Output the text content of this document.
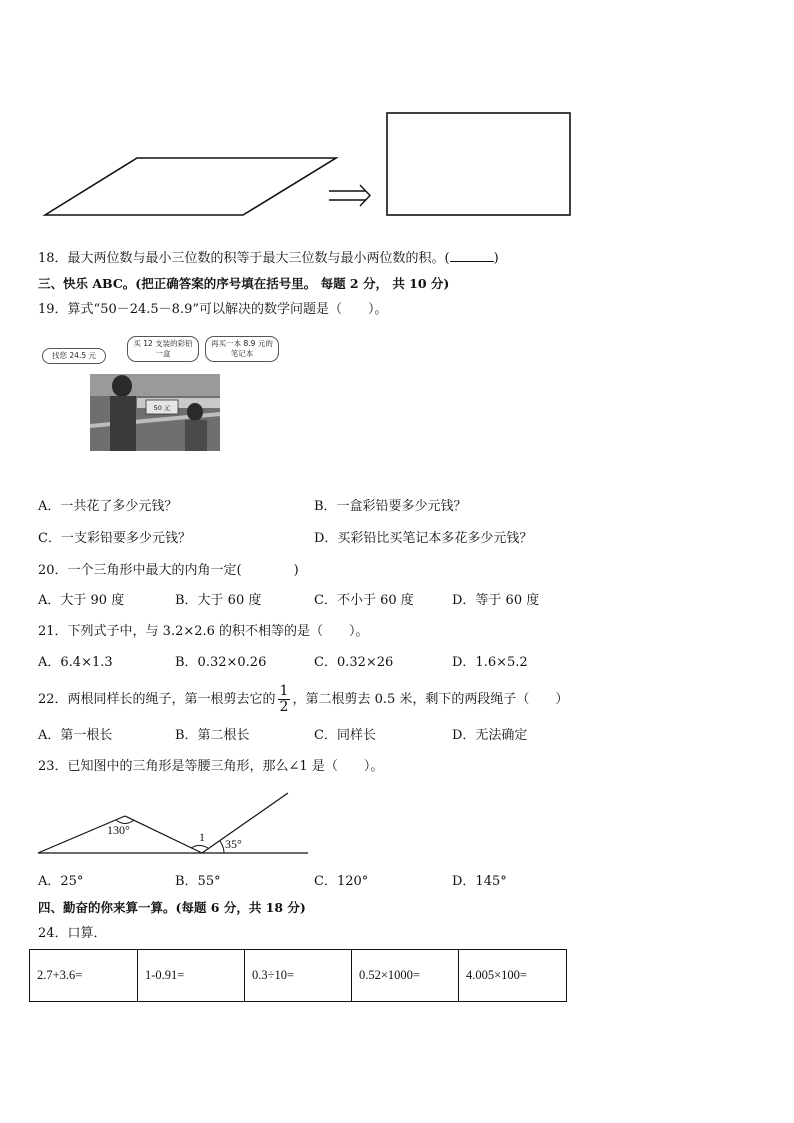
18．最大两位数与最小三位数的积等于最大三位数与最小两位数的积。(	)
三、快乐 ABC。(把正确答案的序号填在括号里。 每题 2 分， 共 10 分)
19．算式“50－24.5－8.9”可以解决的数学问题是（　　）。
50 元
找您 24.5 元
买 12 支装的彩铅一盒
再买一本 8.9 元的笔记本
A．一共花了多少元钱？	B．一盒彩铅要多少元钱？
C．一支彩铅要多少元钱？	D．买彩铅比买笔记本多花多少元钱？
20．一个三角形中最大的内角一定(　　　　)
A．大于 90 度	B．大于 60 度	C．不小于 60 度	D．等于 60 度
21．下列式子中，与 3.2×2.6 的积不相等的是（　　）。
A．6.4×1.3	B．0.32×0.26	C．0.32×26	D．1.6×5.2
22．两根同样长的绳子，第一根剪去它的 $\frac{1}{2}$ ，第二根剪去 0.5 米，剩下的两段绳子（　　）
A．第一根长	B．第二根长	C．同样长	D．无法确定
23．已知图中的三角形是等腰三角形，那么∠1 是（　　）。
130°	1 35°
A．25°	B．55°	C．120°	D．145°
四、勤奋的你来算一算。(每题 6 分，共 18 分)
24．口算．
2.7+3.6=	1-0.91=	0.3÷10=	0.52×1000=	4.005×100=
